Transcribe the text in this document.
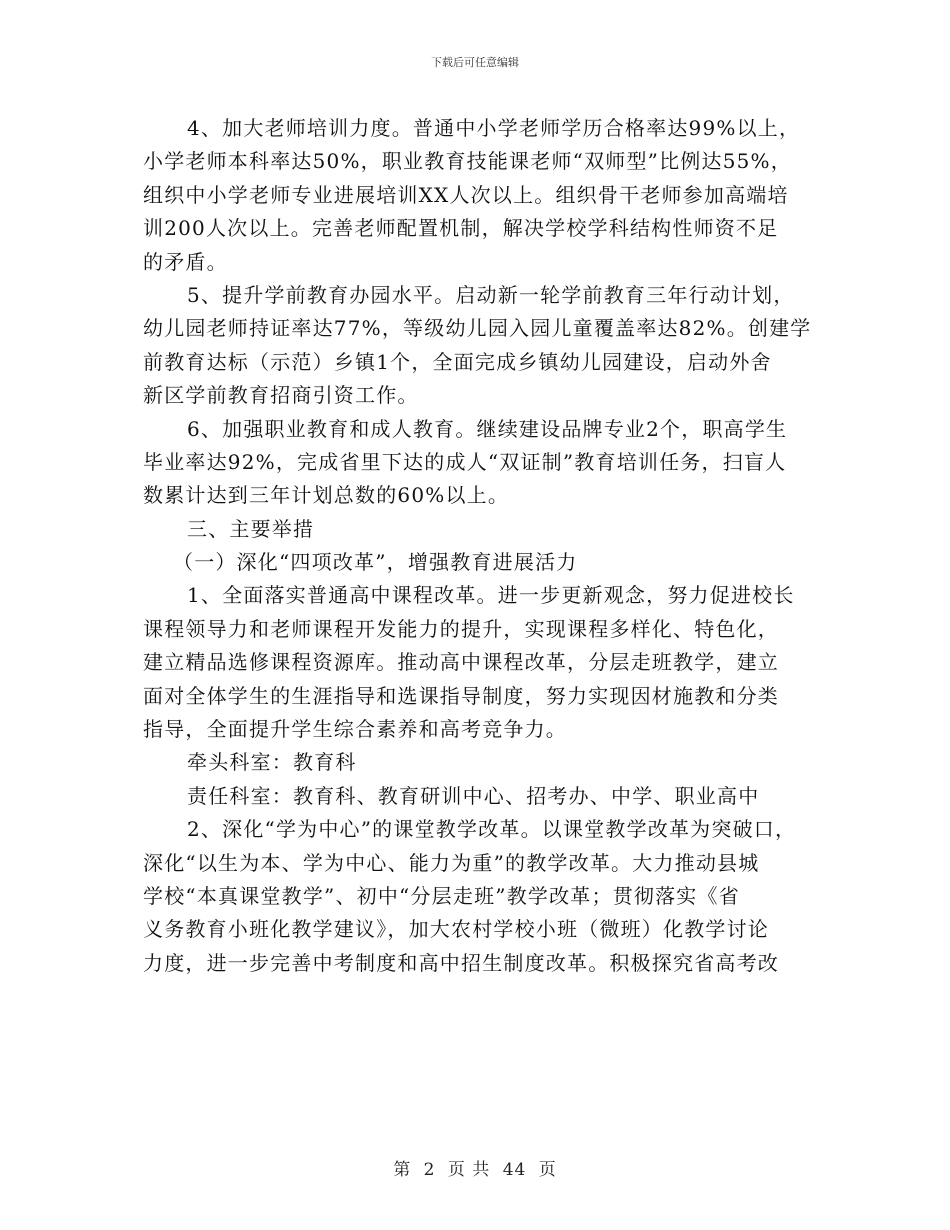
下载后可任意编辑
4、加大老师培训力度。普通中小学老师学历合格率达99%以上，
小学老师本科率达50%，职业教育技能课老师“双师型”比例达55%，
组织中小学老师专业进展培训XX人次以上。组织骨干老师参加高端培
训200人次以上。完善老师配置机制，解决学校学科结构性师资不足
的矛盾。
5、提升学前教育办园水平。启动新一轮学前教育三年行动计划，
幼儿园老师持证率达77%，等级幼儿园入园儿童覆盖率达82%。创建学
前教育达标（示范）乡镇1个，全面完成乡镇幼儿园建设，启动外舍
新区学前教育招商引资工作。
6、加强职业教育和成人教育。继续建设品牌专业2个，职高学生
毕业率达92%，完成省里下达的成人“双证制”教育培训任务，扫盲人
数累计达到三年计划总数的60%以上。
三、主要举措
（一）深化“四项改革”，增强教育进展活力
1、全面落实普通高中课程改革。进一步更新观念，努力促进校长
课程领导力和老师课程开发能力的提升，实现课程多样化、特色化，
建立精品选修课程资源库。推动高中课程改革，分层走班教学，建立
面对全体学生的生涯指导和选课指导制度，努力实现因材施教和分类
指导，全面提升学生综合素养和高考竞争力。
牵头科室：教育科
责任科室：教育科、教育研训中心、招考办、中学、职业高中
2、深化“学为中心”的课堂教学改革。以课堂教学改革为突破口，
深化“以生为本、学为中心、能力为重”的教学改革。大力推动县城
学校“本真课堂教学”、初中“分层走班”教学改革；贯彻落实《省
义务教育小班化教学建议》，加大农村学校小班（微班）化教学讨论
力度，进一步完善中考制度和高中招生制度改革。积极探究省高考改
第 2 页 共 44 页
